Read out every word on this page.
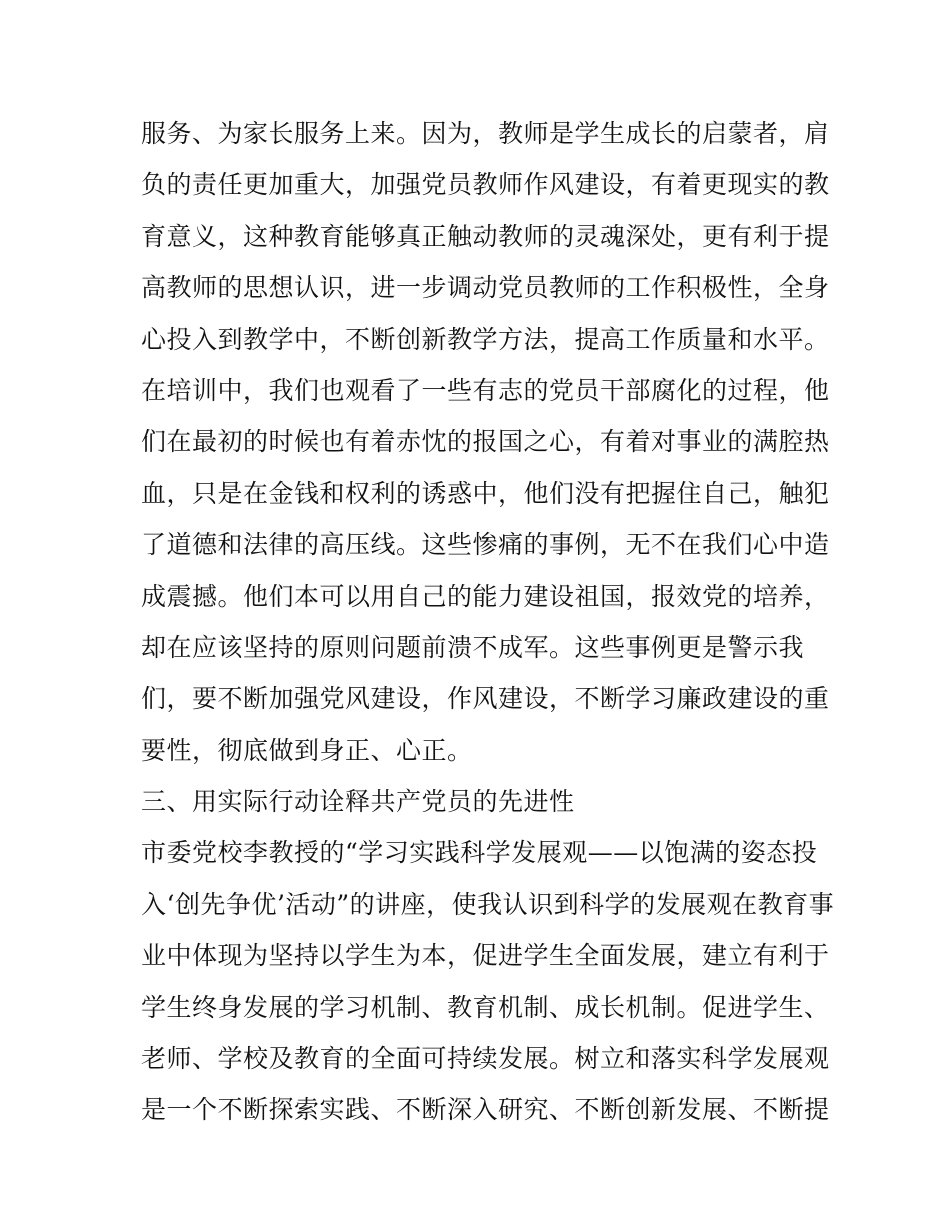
服务、为家长服务上来。因为，教师是学生成长的启蒙者，肩
负的责任更加重大，加强党员教师作风建设，有着更现实的教
育意义，这种教育能够真正触动教师的灵魂深处，更有利于提
高教师的思想认识，进一步调动党员教师的工作积极性，全身
心投入到教学中，不断创新教学方法，提高工作质量和水平。
在培训中，我们也观看了一些有志的党员干部腐化的过程，他
们在最初的时候也有着赤忱的报国之心，有着对事业的满腔热
血，只是在金钱和权利的诱惑中，他们没有把握住自己，触犯
了道德和法律的高压线。这些惨痛的事例，无不在我们心中造
成震撼。他们本可以用自己的能力建设祖国，报效党的培养，
却在应该坚持的原则问题前溃不成军。这些事例更是警示我
们，要不断加强党风建设，作风建设，不断学习廉政建设的重
要性，彻底做到身正、心正。
三、用实际行动诠释共产党员的先进性
市委党校李教授的“学习实践科学发展观——以饱满的姿态投
入‘创先争优’活动”的讲座，使我认识到科学的发展观在教育事
业中体现为坚持以学生为本，促进学生全面发展，建立有利于
学生终身发展的学习机制、教育机制、成长机制。促进学生、
老师、学校及教育的全面可持续发展。树立和落实科学发展观
是一个不断探索实践、不断深入研究、不断创新发展、不断提
